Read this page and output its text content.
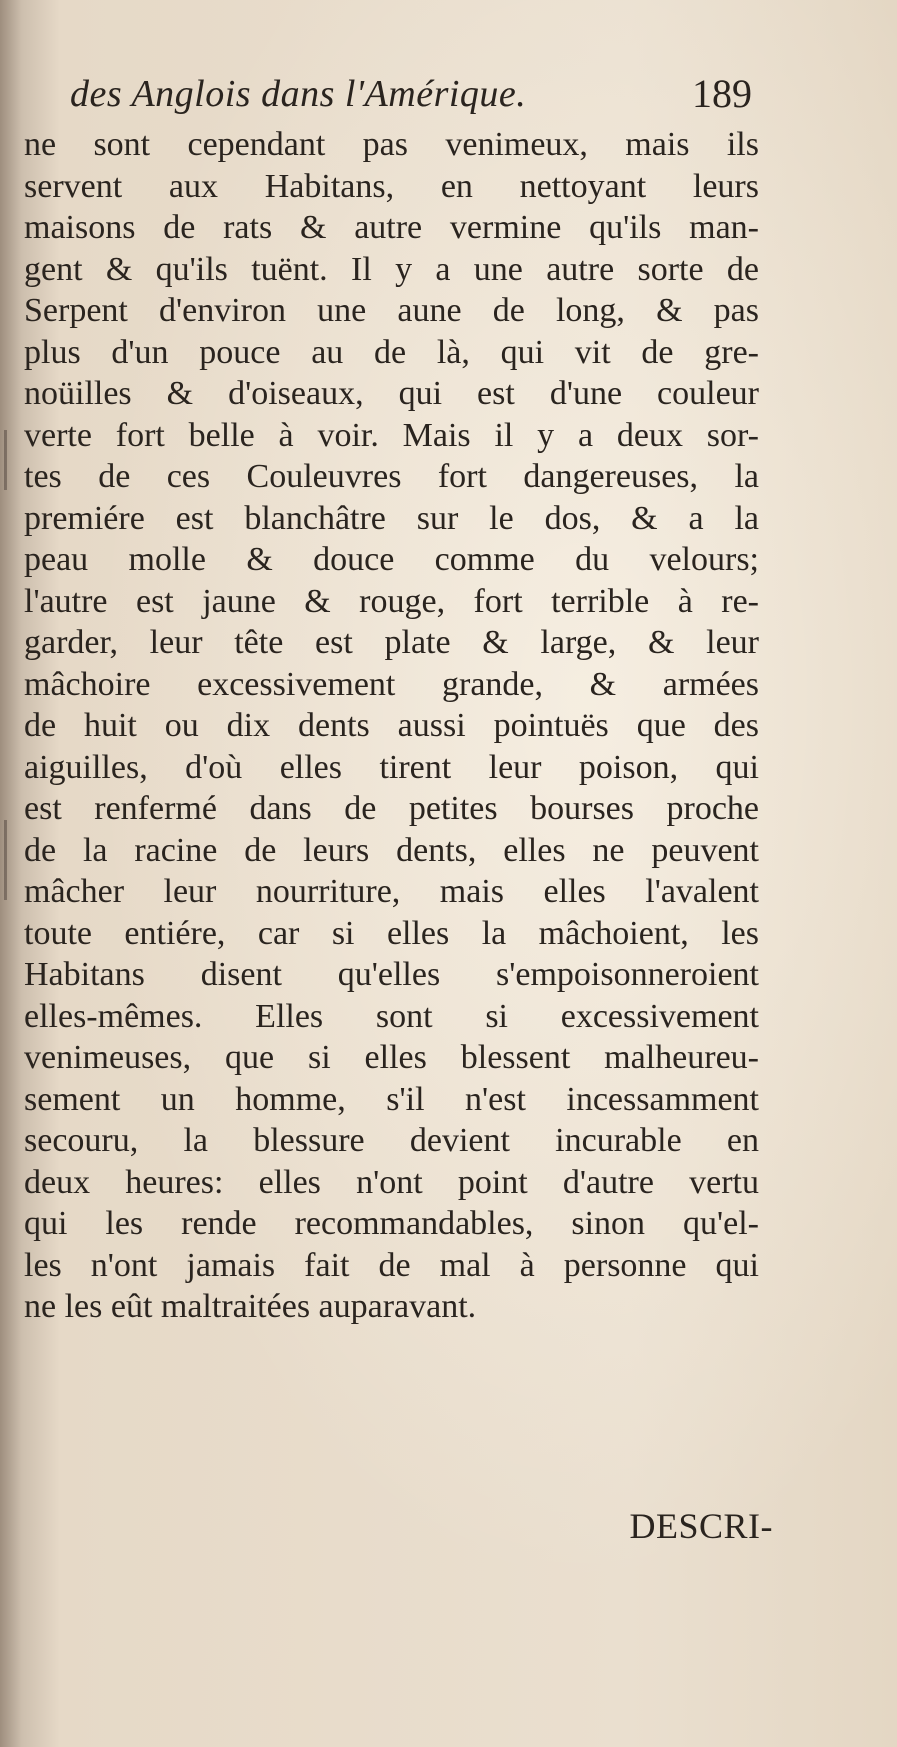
des Anglois dans l'Amérique.	189
ne sont cependant pas venimeux, mais ils
servent aux Habitans, en nettoyant leurs
maisons de rats & autre vermine qu'ils man-
gent & qu'ils tuënt. Il y a une autre sorte de
Serpent d'environ une aune de long, & pas
plus d'un pouce au de là, qui vit de gre-
noüilles & d'oiseaux, qui est d'une couleur
verte fort belle à voir. Mais il y a deux sor-
tes de ces Couleuvres fort dangereuses, la
premiére est blanchâtre sur le dos, & a la
peau molle & douce comme du velours;
l'autre est jaune & rouge, fort terrible à re-
garder, leur tête est plate & large, & leur
mâchoire excessivement grande, & armées
de huit ou dix dents aussi pointuës que des
aiguilles, d'où elles tirent leur poison, qui
est renfermé dans de petites bourses proche
de la racine de leurs dents, elles ne peuvent
mâcher leur nourriture, mais elles l'avalent
toute entiére, car si elles la mâchoient, les
Habitans disent qu'elles s'empoisonneroient
elles-mêmes. Elles sont si excessivement
venimeuses, que si elles blessent malheureu-
sement un homme, s'il n'est incessamment
secouru, la blessure devient incurable en
deux heures: elles n'ont point d'autre vertu
qui les rende recommandables, sinon qu'el-
les n'ont jamais fait de mal à personne qui
ne les eût maltraitées auparavant.
DESCRI-
